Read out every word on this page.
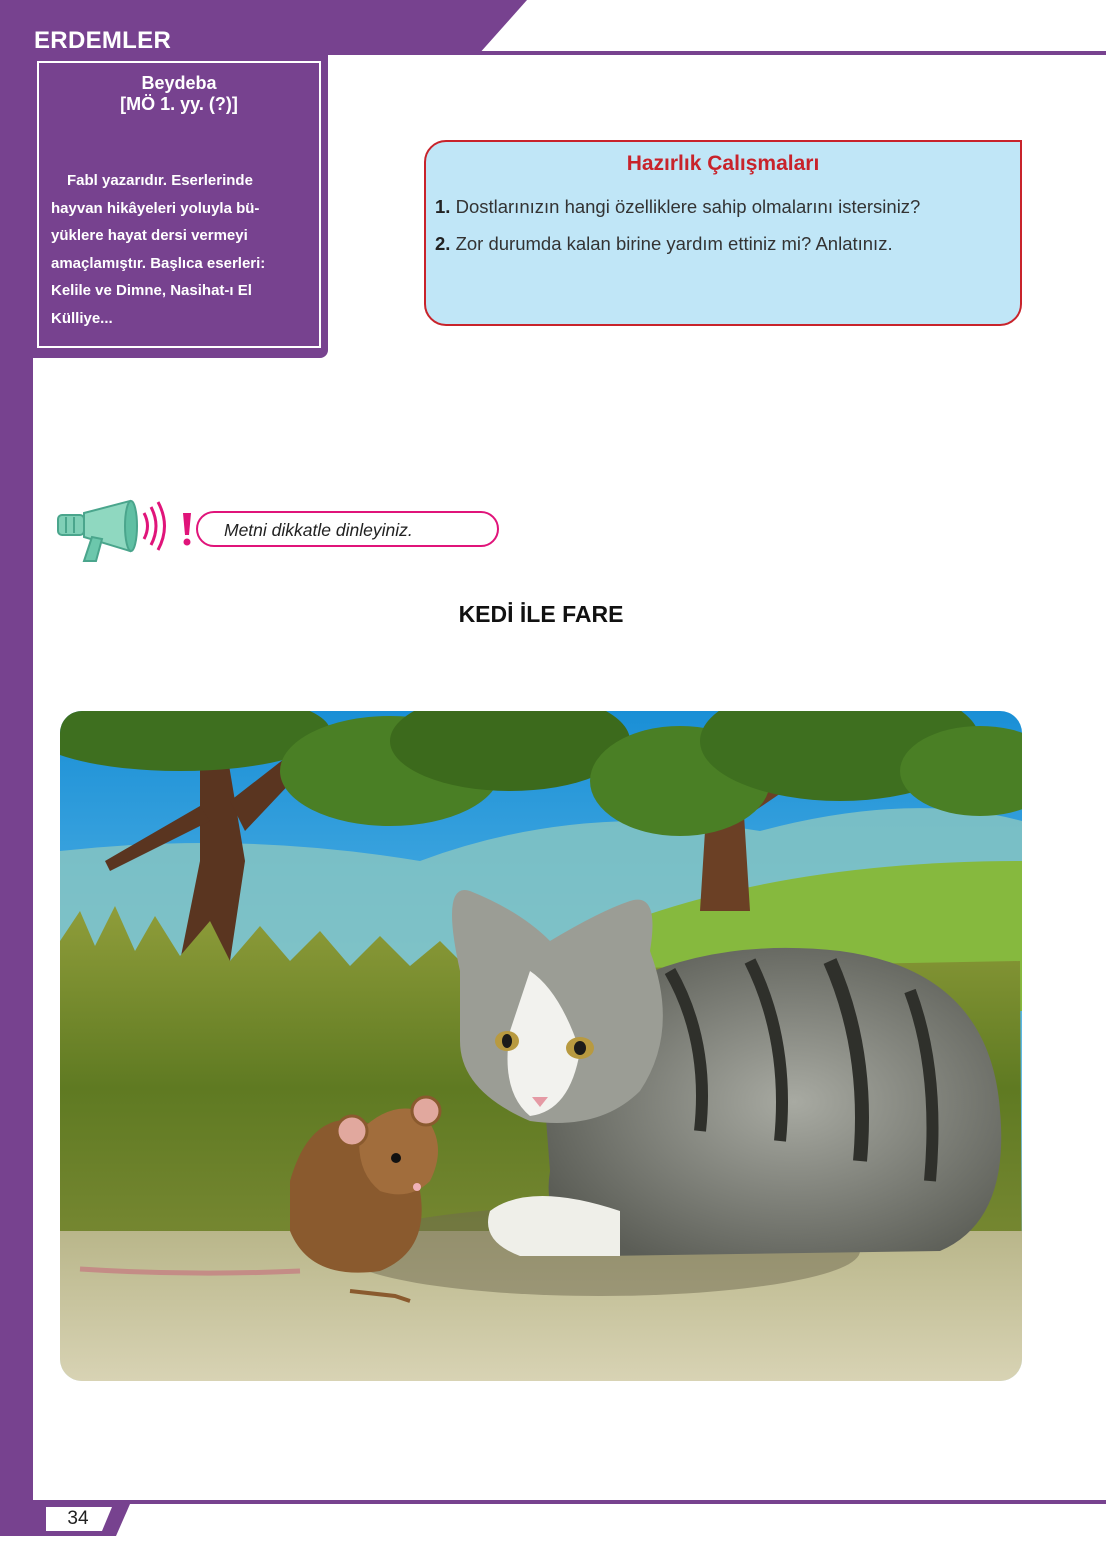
ERDEMLER
Beydeba
[MÖ 1. yy. (?)]
Fabl yazarıdır. Eserlerinde
hayvan hikâyeleri yoluyla bü-
yüklere hayat dersi vermeyi
amaçlamıştır. Başlıca eserleri:
Kelile ve Dimne, Nasihat-ı El
Külliye...
Hazırlık Çalışmaları
1. Dostlarınızın hangi özelliklere sahip olmalarını istersiniz?
2. Zor durumda kalan birine yardım ettiniz mi? Anlatınız.
Metni dikkatle dinleyiniz.
KEDİ İLE FARE
34
